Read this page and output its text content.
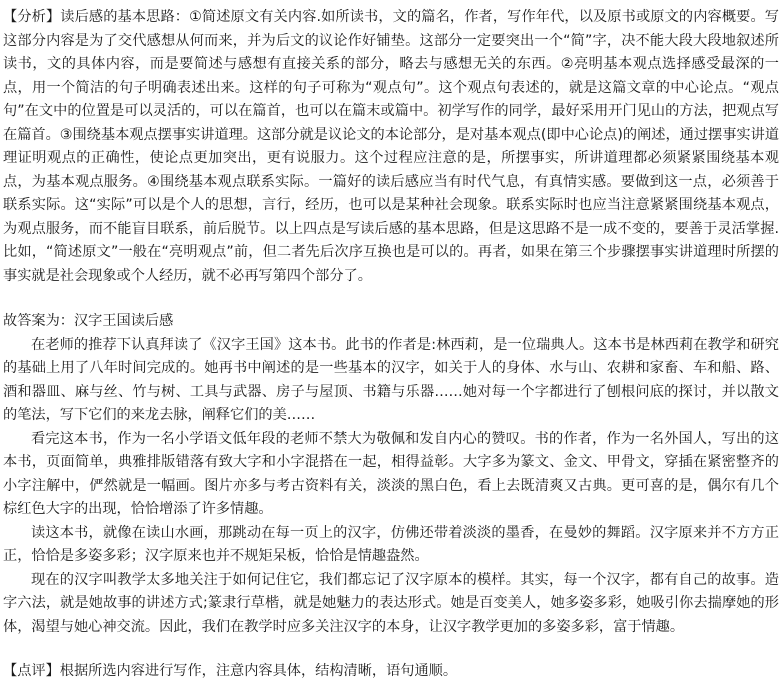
【分析】读后感的基本思路：①简述原文有关内容.如所读书，文的篇名，作者，写作年代，以及原书或原文的内容概要。写这部分内容是为了交代感想从何而来，并为后文的议论作好铺垫。这部分一定要突出一个“简”字，决不能大段大段地叙述所读书，文的具体内容，而是要简述与感想有直接关系的部分，略去与感想无关的东西。②亮明基本观点选择感受最深的一点，用一个简洁的句子明确表述出来。这样的句子可称为“观点句”。这个观点句表述的，就是这篇文章的中心论点。“观点句”在文中的位置是可以灵活的，可以在篇首，也可以在篇末或篇中。初学写作的同学，最好采用开门见山的方法，把观点写在篇首。③围绕基本观点摆事实讲道理。这部分就是议论文的本论部分，是对基本观点(即中心论点)的阐述，通过摆事实讲道理证明观点的正确性，使论点更加突出，更有说服力。这个过程应注意的是，所摆事实，所讲道理都必须紧紧围绕基本观点，为基本观点服务。④围绕基本观点联系实际。一篇好的读后感应当有时代气息，有真情实感。要做到这一点，必须善于联系实际。这“实际”可以是个人的思想，言行，经历，也可以是某种社会现象。联系实际时也应当注意紧紧围绕基本观点，为观点服务，而不能盲目联系，前后脱节。以上四点是写读后感的基本思路，但是这思路不是一成不变的，要善于灵活掌握.比如，“简述原文”一般在“亮明观点”前，但二者先后次序互换也是可以的。再者，如果在第三个步骤摆事实讲道理时所摆的事实就是社会现象或个人经历，就不必再写第四个部分了。

故答案为：汉字王国读后感

在老师的推荐下认真拜读了《汉字王国》这本书。此书的作者是:林西莉，是一位瑞典人。这本书是林西莉在教学和研究的基础上用了八年时间完成的。她再书中阐述的是一些基本的汉字，如关于人的身体、水与山、农耕和家畜、车和船、路、酒和器皿、麻与丝、竹与树、工具与武器、房子与屋顶、书籍与乐器……她对每一个字都进行了刨根问底的探讨，并以散文的笔法，写下它们的来龙去脉，阐释它们的美……

看完这本书，作为一名小学语文低年段的老师不禁大为敬佩和发自内心的赞叹。书的作者，作为一名外国人，写出的这本书，页面简单，典雅排版错落有致大字和小字混搭在一起，相得益彰。大字多为篆文、金文、甲骨文，穿插在紧密整齐的小字注解中，俨然就是一幅画。图片亦多与考古资料有关，淡淡的黑白色，看上去既清爽又古典。更可喜的是，偶尔有几个棕红色大字的出现，恰恰增添了许多情趣。

读这本书，就像在读山水画，那跳动在每一页上的汉字，仿佛还带着淡淡的墨香，在曼妙的舞蹈。汉字原来并不方方正正，恰恰是多姿多彩；汉字原来也并不规矩呆板，恰恰是情趣盎然。

现在的汉字叫教学太多地关注于如何记住它，我们都忘记了汉字原本的模样。其实，每一个汉字，都有自己的故事。造字六法，就是她故事的讲述方式;篆隶行草楷，就是她魅力的表达形式。她是百变美人，她多姿多彩，她吸引你去揣摩她的形体，渴望与她心神交流。因此，我们在教学时应多关注汉字的本身，让汉字教学更加的多姿多彩，富于情趣。

【点评】根据所选内容进行写作，注意内容具体，结构清晰，语句通顺。
